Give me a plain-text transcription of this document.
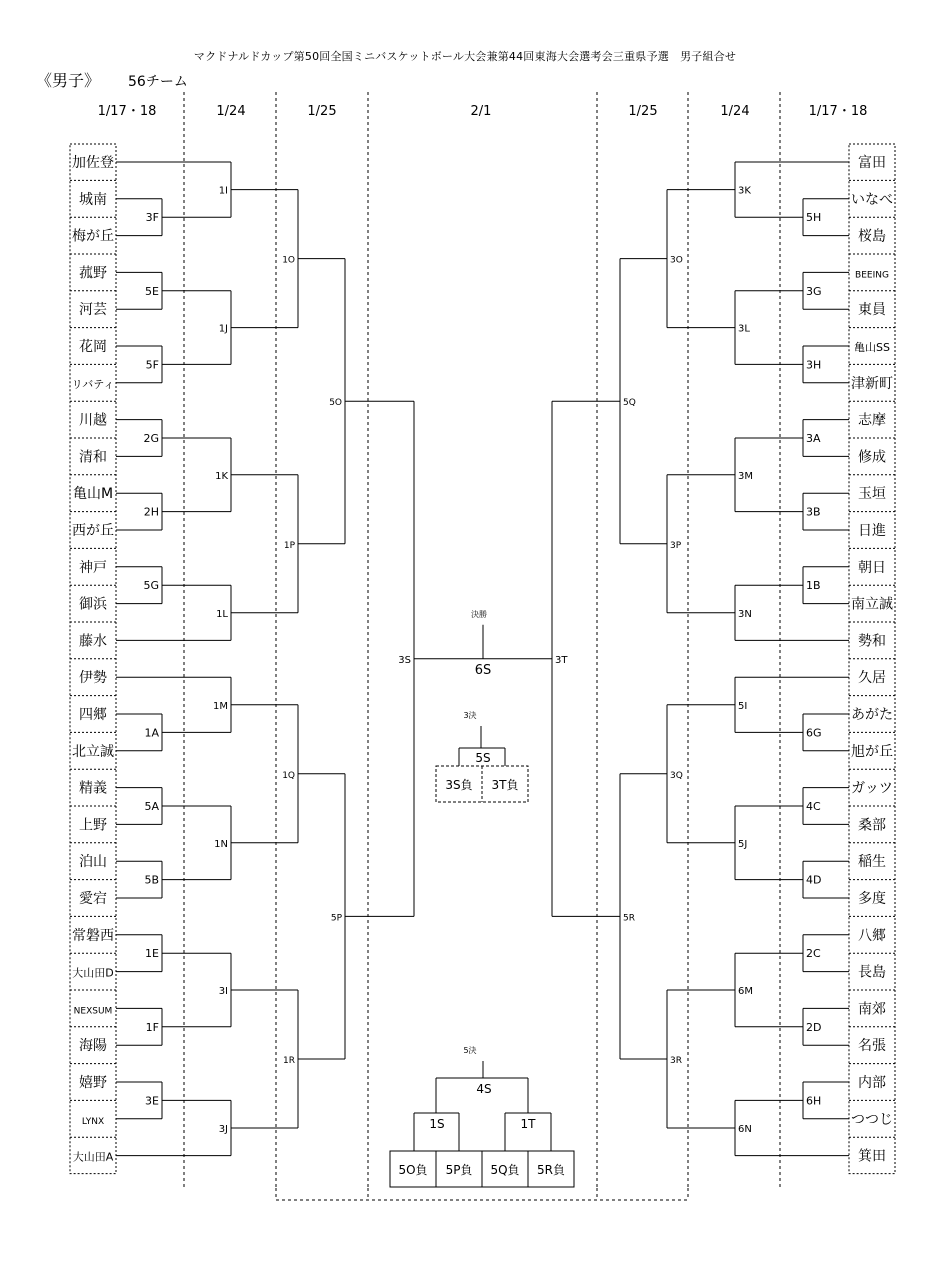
マクドナルドカップ第50回全国ミニバスケットボール大会兼第44回東海大会選考会三重県予選　男子組合せ
《男子》 56チーム
1/17・18	1/24	1/25	2/1	1/25	1/24	1/17・18
加佐登
城南
梅が丘
菰野
河芸
花岡
リバティ
川越
清和
亀山M
西が丘
神戸
御浜
藤水
伊勢
四郷
北立誠
精義
上野
泊山
愛宕
常磐西
大山田D
NEXSUM
海陽
嬉野
LYNX
大山田A
富田
いなべ
桜島
BEEING
東員
亀山SS
津新町
志摩
修成
玉垣
日進
朝日
南立誠
勢和
久居
あがた
旭が丘
ガッツ
桑部
稲生
多度
八郷
長島
南郊
名張
内部
つつじ
箕田
3F
5E
5F
2G
2H
5G
1A
5A
5B
1E
1F
3E
1I
1J
1K
1L
1M
1N
3I
3J
1O
1P
1Q
1R
5O
5P
3S
5H
3G
3H
3A
3B
1B
6G
4C
4D
2C
2D
6H
3K
3L
3M
3N
5I
5J
6M
6N
3O
3P
3Q
3R
5Q
5R
3T
決勝
6S
3決
5S
3S負 3T負
5決
4S
1S	1T
5O負 5P負 5Q負 5R負
